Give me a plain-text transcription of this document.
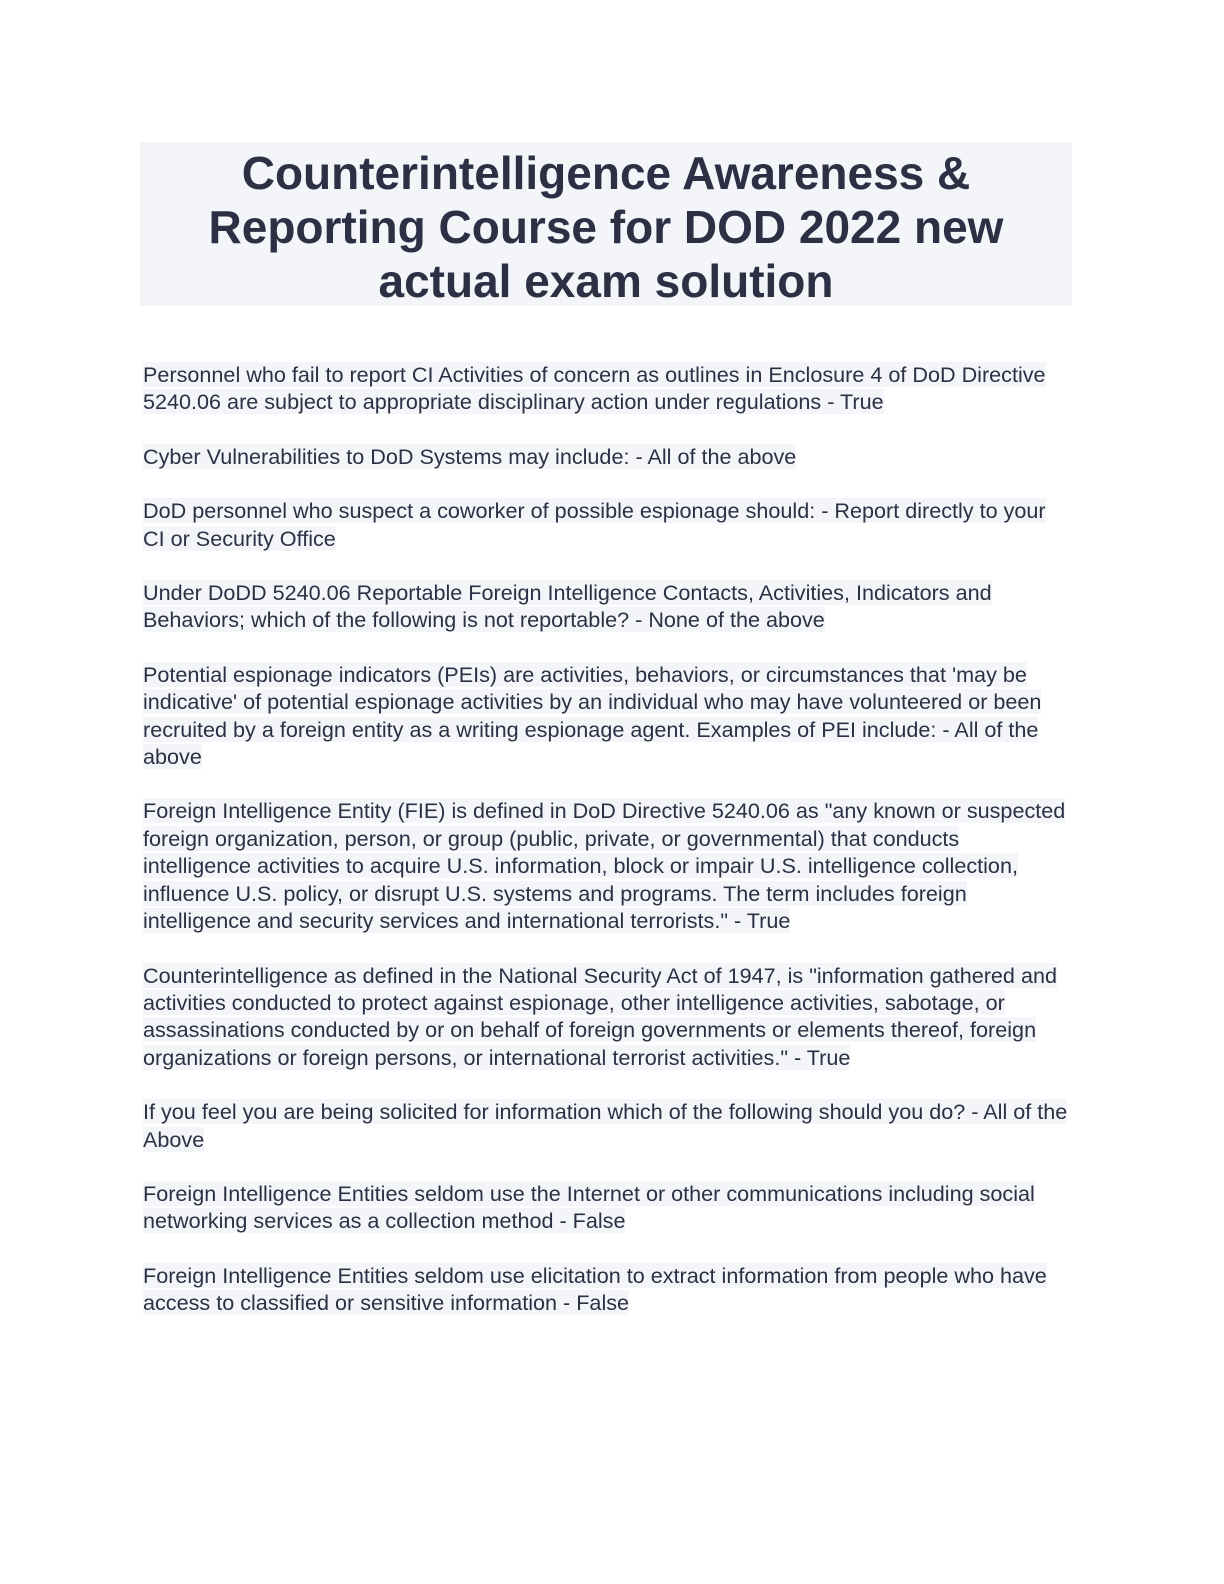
Counterintelligence Awareness & Reporting Course for DOD 2022 new actual exam solution

Personnel who fail to report CI Activities of concern as outlines in Enclosure 4 of DoD Directive 5240.06 are subject to appropriate disciplinary action under regulations - True

Cyber Vulnerabilities to DoD Systems may include: - All of the above

DoD personnel who suspect a coworker of possible espionage should: - Report directly to your CI or Security Office

Under DoDD 5240.06 Reportable Foreign Intelligence Contacts, Activities, Indicators and Behaviors; which of the following is not reportable? - None of the above

Potential espionage indicators (PEIs) are activities, behaviors, or circumstances that 'may be indicative' of potential espionage activities by an individual who may have volunteered or been recruited by a foreign entity as a writing espionage agent. Examples of PEI include: - All of the above

Foreign Intelligence Entity (FIE) is defined in DoD Directive 5240.06 as "any known or suspected foreign organization, person, or group (public, private, or governmental) that conducts intelligence activities to acquire U.S. information, block or impair U.S. intelligence collection, influence U.S. policy, or disrupt U.S. systems and programs. The term includes foreign intelligence and security services and international terrorists." - True

Counterintelligence as defined in the National Security Act of 1947, is "information gathered and activities conducted to protect against espionage, other intelligence activities, sabotage, or assassinations conducted by or on behalf of foreign governments or elements thereof, foreign organizations or foreign persons, or international terrorist activities." - True

If you feel you are being solicited for information which of the following should you do? - All of the Above

Foreign Intelligence Entities seldom use the Internet or other communications including social networking services as a collection method - False

Foreign Intelligence Entities seldom use elicitation to extract information from people who have access to classified or sensitive information - False
